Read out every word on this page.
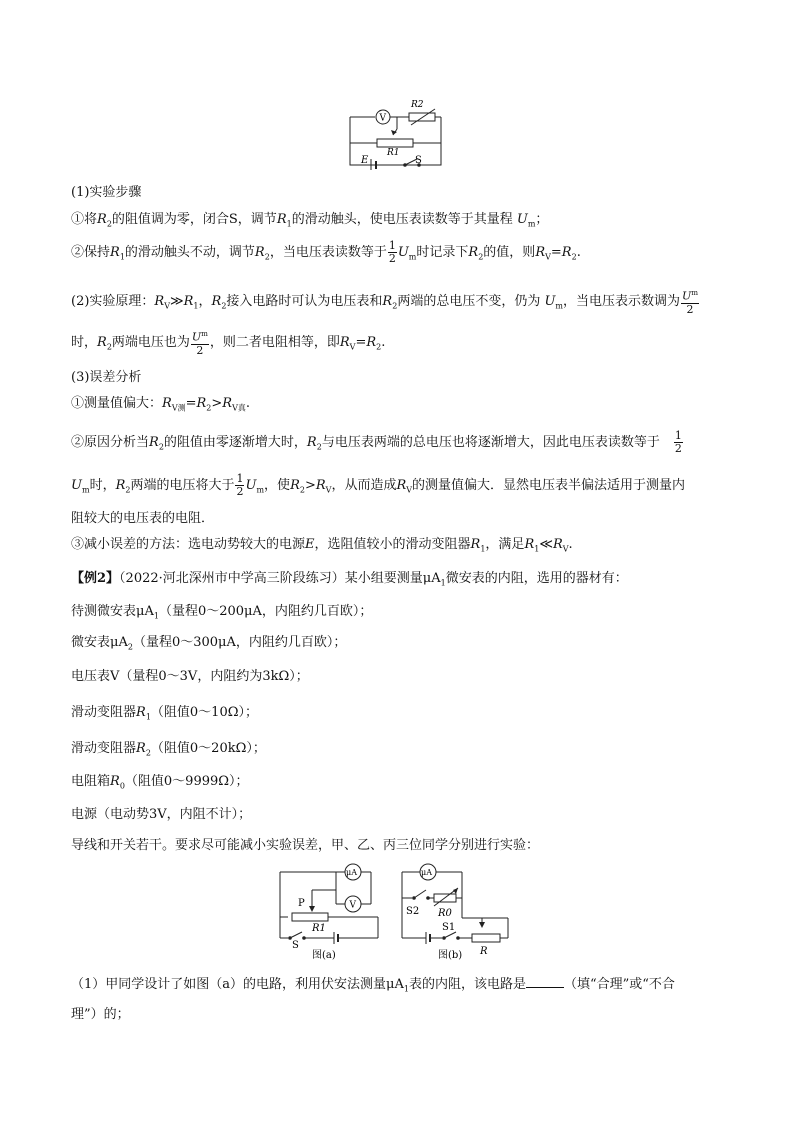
V
R2
R1
E	S
(1)实验步骤
①将$R_2$的阻值调为零，闭合S，调节$R_1$的滑动触头，使电压表读数等于其量程 $U_m$；
②保持$R_1$的滑动触头不动，调节$R_2$，当电压表读数等于 $\frac{1}{2} U_m$时记录下$R_2$的值，则$R_V=R_2$.
(2)实验原理：$R_V≫R_1$，$R_2$接入电路时可认为电压表和$R_2$两端的总电压不变，仍为 $U_m$，当电压表示数调为 $\frac{U^m}{2}$
时，$R_2$两端电压也为 $\frac{U^m}{2}$ ，则二者电阻相等，即$R_V=R_2$.
(3)误差分析
①测量值偏大：$R_{V测}=R_2>R_{V真}$.
②原因分析当$R_2$的阻值由零逐渐增大时，$R_2$与电压表两端的总电压也将逐渐增大，因此电压表读数等于 $\frac{1}{2}$
$U_m$时，$R_2$两端的电压将大于 $\frac{1}{2} U_m$，使$R_2>R_V$，从而造成$R_V$的测量值偏大．显然电压表半偏法适用于测量内
阻较大的电压表的电阻．
③减小误差的方法：选电动势较大的电源E，选阻值较小的滑动变阻器$R_1$，满足$R_1≪R_V$.
【例2】（2022·河北深州市中学高三阶段练习）某小组要测量$\mu A_1$微安表的内阻，选用的器材有：
待测微安表$\mu A_1$（量程0～200μA，内阻约几百欧）；
微安表$\mu A_2$（量程0～300μA，内阻约几百欧）；
电压表V（量程0～3V，内阻约为3kΩ）；
滑动变阻器$R_1$（阻值0～10Ω）；
滑动变阻器$R_2$（阻值0～20kΩ）；
电阻箱$R_0$（阻值0～9999Ω）；
电源（电动势3V，内阻不计）；
导线和开关若干。要求尽可能减小实验误差，甲、乙、丙三位同学分别进行实验：
μA
V
P
R1
S
图(a)
μA
S2 R0
S1
R
图(b)
（1）甲同学设计了如图（a）的电路，利用伏安法测量$\mu A_1$表的内阻，该电路是	（填“合理”或“不合
理”）的；
